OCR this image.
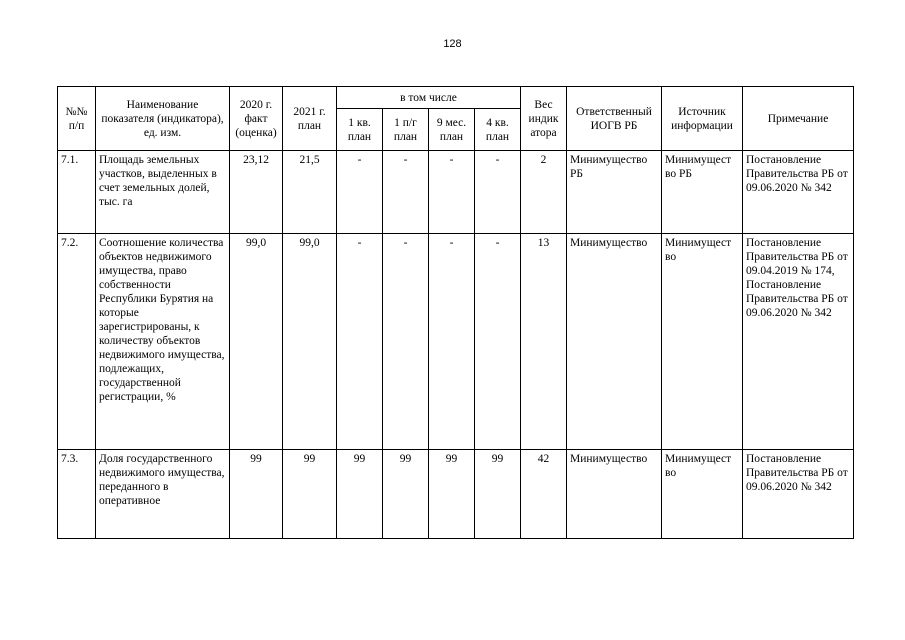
128
№№ п/п	Наименование показателя (индикатора), ед. изм.	2020 г. факт (оценка)	2021 г. план	в том числе				Вес индик атора	Ответственный ИОГВ РБ	Источник информации	Примечание
				1 кв. план	1 п/г план	9 мес. план	4 кв. план				
7.1.	Площадь земельных участков, выделенных в счет земельных долей, тыс. га	23,12	21,5	-	-	-	-	2	Минимущество РБ	Минимущест во РБ	Постановление Правительства РБ от 09.06.2020 № 342
7.2.	Соотношение количества объектов недвижимого имущества, право собственности Республики Бурятия на которые зарегистрированы, к количеству объектов недвижимого имущества, подлежащих, государственной регистрации, %	99,0	99,0	-	-	-	-	13	Минимущество	Минимущест во	Постановление Правительства РБ от 09.04.2019 № 174, Постановление Правительства РБ от 09.06.2020 № 342
7.3.	Доля государственного недвижимого имущества, переданного в оперативное	99	99	99	99	99	99	42	Минимущество	Минимущест во	Постановление Правительства РБ от 09.06.2020 № 342
